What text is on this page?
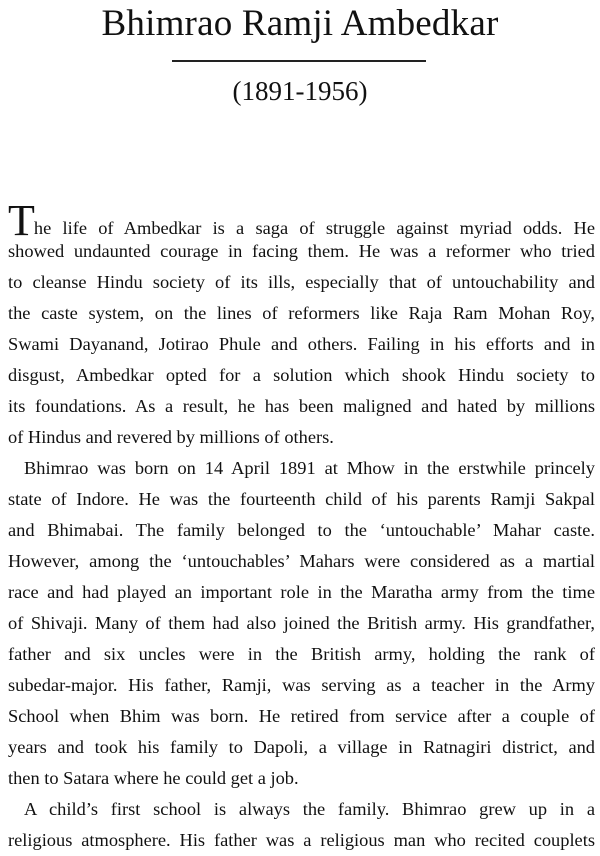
Bhimrao Ramji Ambedkar

(1891-1956)

The life of Ambedkar is a saga of struggle against myriad odds. He
showed undaunted courage in facing them. He was a reformer who tried
to cleanse Hindu society of its ills, especially that of untouchability and
the caste system, on the lines of reformers like Raja Ram Mohan Roy,
Swami Dayanand, Jotirao Phule and others. Failing in his efforts and in
disgust, Ambedkar opted for a solution which shook Hindu society to
its foundations. As a result, he has been maligned and hated by millions
of Hindus and revered by millions of others.
Bhimrao was born on 14 April 1891 at Mhow in the erstwhile princely
state of Indore. He was the fourteenth child of his parents Ramji Sakpal
and Bhimabai. The family belonged to the ‘untouchable’ Mahar caste.
However, among the ‘untouchables’ Mahars were considered as a martial
race and had played an important role in the Maratha army from the time
of Shivaji. Many of them had also joined the British army. His grandfather,
father and six uncles were in the British army, holding the rank of
subedar-major. His father, Ramji, was serving as a teacher in the Army
School when Bhim was born. He retired from service after a couple of
years and took his family to Dapoli, a village in Ratnagiri district, and
then to Satara where he could get a job.
A child’s first school is always the family. Bhimrao grew up in a
religious atmosphere. His father was a religious man who recited couplets
